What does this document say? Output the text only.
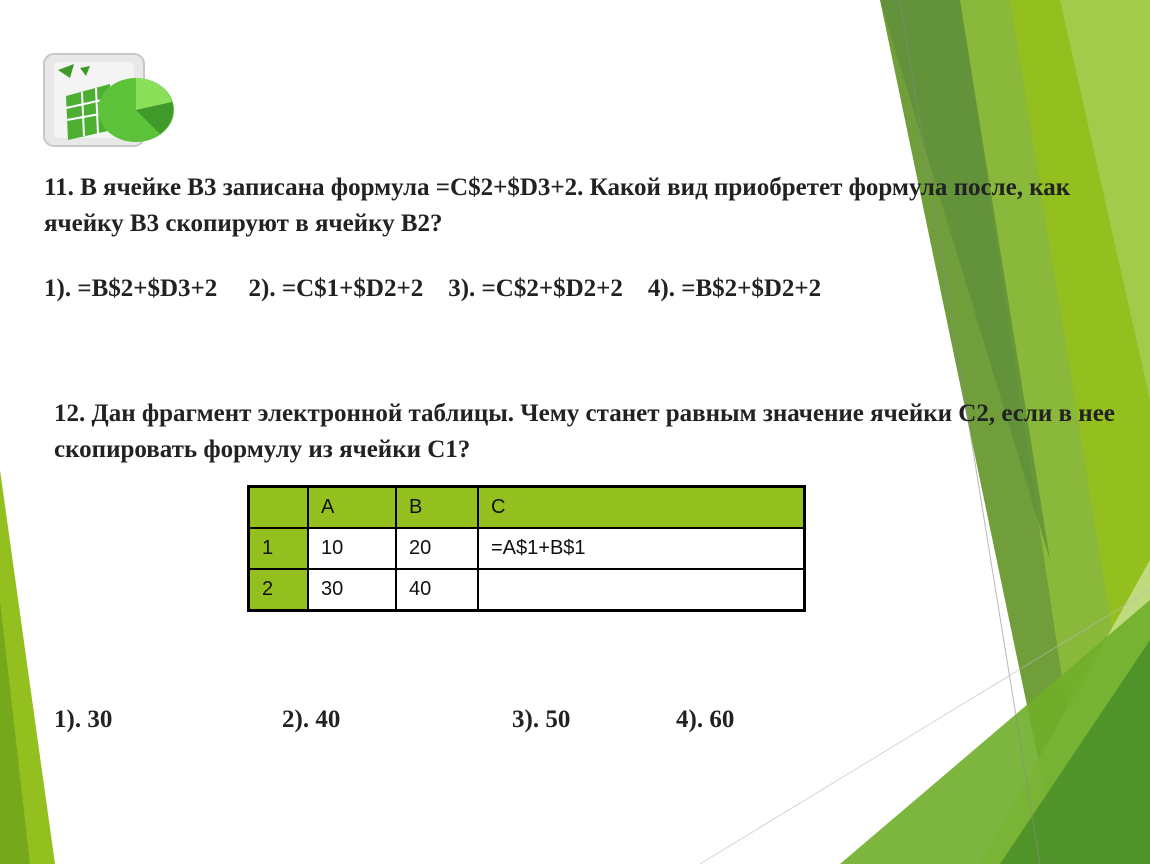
11. В ячейке B3 записана формула =C$2+$D3+2. Какой вид приобретет формула после, как ячейку B3 скопируют в ячейку B2?

1). =B$2+$D3+2     2). =C$1+$D2+2    3). =C$2+$D2+2    4). =B$2+$D2+2

12. Дан фрагмент электронной таблицы. Чему станет равным значение ячейки С2, если в нее скопировать формулу из ячейки С1?

	A	B	C
1	10	20	=A$1+B$1
2	30	40	
1). 30	2). 40	3). 50	4). 60
